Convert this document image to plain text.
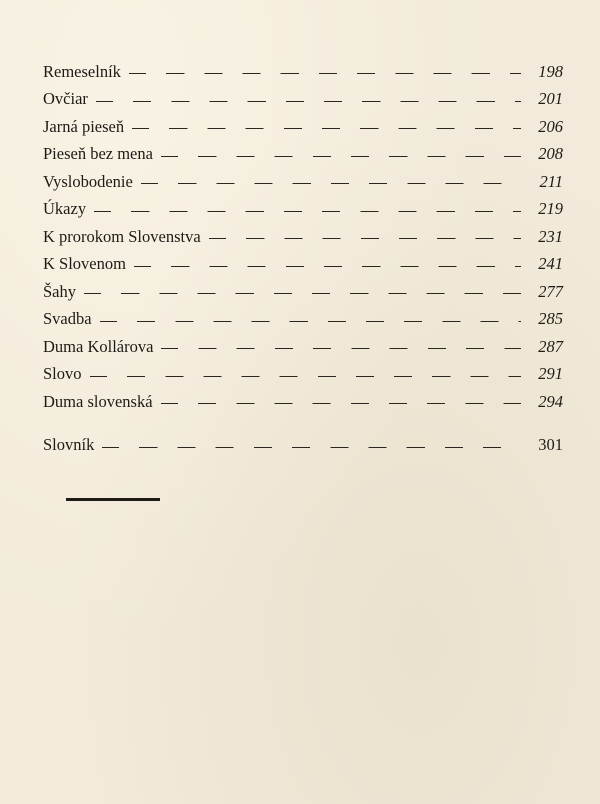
Remeselník	198
Ovčiar	201
Jarná pieseň	206
Pieseň bez mena	208
Vyslobodenie	211
Úkazy	219
K prorokom Slovenstva	231
K Slovenom	241
Šahy	277
Svadba	285
Duma Kollárova	287
Slovo	291
Duma slovenská	294
Slovník	301
